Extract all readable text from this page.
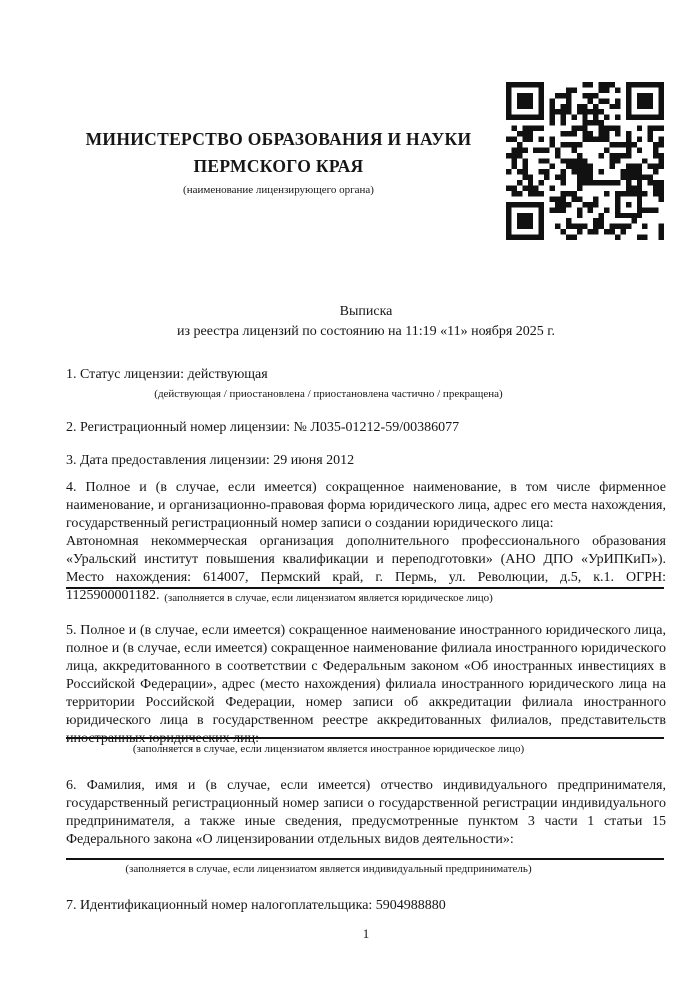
МИНИСТЕРСТВО ОБРАЗОВАНИЯ И НАУКИ
ПЕРМСКОГО КРАЯ
(наименование лицензирующего органа)
Выписка
из реестра лицензий по состоянию на 11:19 «11» ноября 2025 г.
1. Статус лицензии: действующая
(действующая / приостановлена / приостановлена частично / прекращена)
2. Регистрационный номер лицензии: № Л035-01212-59/00386077
3. Дата предоставления лицензии: 29 июня 2012

4. Полное и (в случае, если имеется) сокращенное наименование, в том числе фирменное наименование, и организационно-правовая форма юридического лица, адрес его места нахождения, государственный регистрационный номер записи о создании юридического лица:

Автономная некоммерческая организация дополнительного профессионального образования «Уральский институт повышения квалификации и переподготовки» (АНО ДПО «УрИПКиП»). Место нахождения: 614007, Пермский край, г. Пермь, ул. Революции, д.5, к.1. ОГРН: 1125900001182. (заполняется в случае, если лицензиатом является юридическое лицо)

5. Полное и (в случае, если имеется) сокращенное наименование иностранного юридического лица, полное и (в случае, если имеется) сокращенное наименование филиала иностранного юридического лица, аккредитованного в соответствии с Федеральным законом «Об иностранных инвестициях в Российской Федерации», адрес (место нахождения) филиала иностранного юридического лица на территории Российской Федерации, номер записи об аккредитации филиала иностранного юридического лица в государственном реестре аккредитованных филиалов, представительств иностранных юридических лиц:

(заполняется в случае, если лицензиатом является иностранное юридическое лицо)

6. Фамилия, имя и (в случае, если имеется) отчество индивидуального предпринимателя, государственный регистрационный номер записи о государственной регистрации индивидуального предпринимателя, а также иные сведения, предусмотренные пунктом 3 части 1 статьи 15 Федерального закона «О лицензировании отдельных видов деятельности»:

(заполняется в случае, если лицензиатом является индивидуальный предприниматель)
7. Идентификационный номер налогоплательщика: 5904988880
1
